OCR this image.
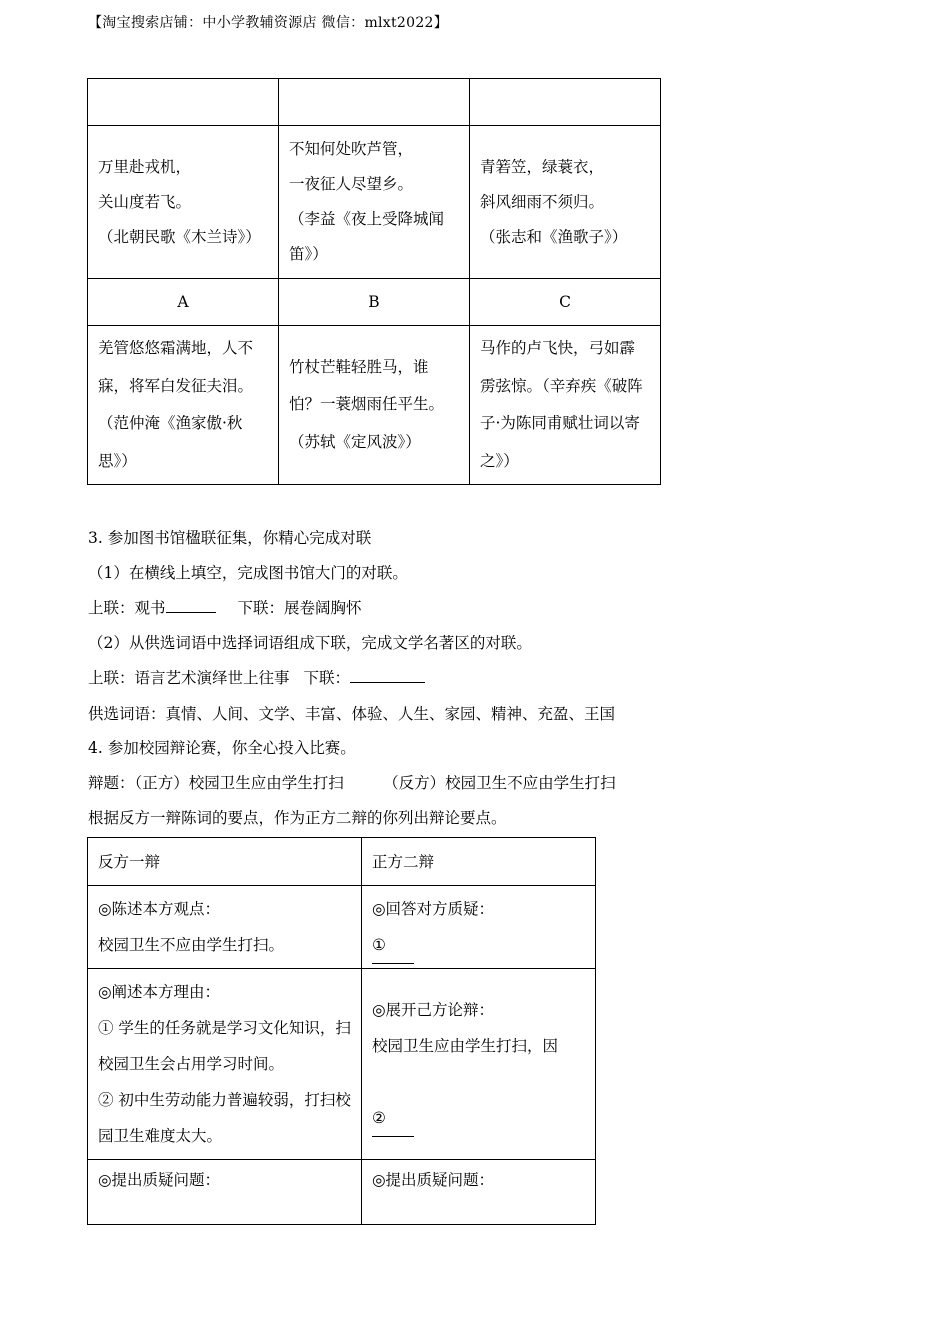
【淘宝搜索店铺：中小学教辅资源店 微信：mlxt2022】

万里赴戎机，
关山度若飞。
（北朝民歌《木兰诗》）	不知何处吹芦管，
一夜征人尽望乡。
（李益《夜上受降城闻笛》）	青箬笠，绿蓑衣，
斜风细雨不须归。
（张志和《渔歌子》）

A	B	C

羌管悠悠霜满地，人不寐，将军白发征夫泪。（范仲淹《渔家傲·秋思》）	竹杖芒鞋轻胜马，谁怕？一蓑烟雨任平生。（苏轼《定风波》）	马作的卢飞快，弓如霹雳弦惊。（辛弃疾《破阵子·为陈同甫赋壮词以寄之》）
3. 参加图书馆楹联征集，你精心完成对联
（1）在横线上填空，完成图书馆大门的对联。
上联：观书	下联：展卷阔胸怀
（2）从供选词语中选择词语组成下联，完成文学名著区的对联。
上联：语言艺术演绎世上往事 下联：
供选词语：真情、人间、文学、丰富、体验、人生、家园、精神、充盈、王国
4. 参加校园辩论赛，你全心投入比赛。
辩题：（正方）校园卫生应由学生打扫        （反方）校园卫生不应由学生打扫
根据反方一辩陈词的要点，作为正方二辩的你列出辩论要点。
反方一辩	正方二辩

◎陈述本方观点：
校园卫生不应由学生打扫。	◎回答对方质疑：
①

◎阐述本方理由：
① 学生的任务就是学习文化知识，扫校园卫生会占用学习时间。
② 初中生劳动能力普遍较弱，打扫校园卫生难度太大。	◎展开己方论辩：
校园卫生应由学生打扫，因
②

◎提出质疑问题：	◎提出质疑问题：
